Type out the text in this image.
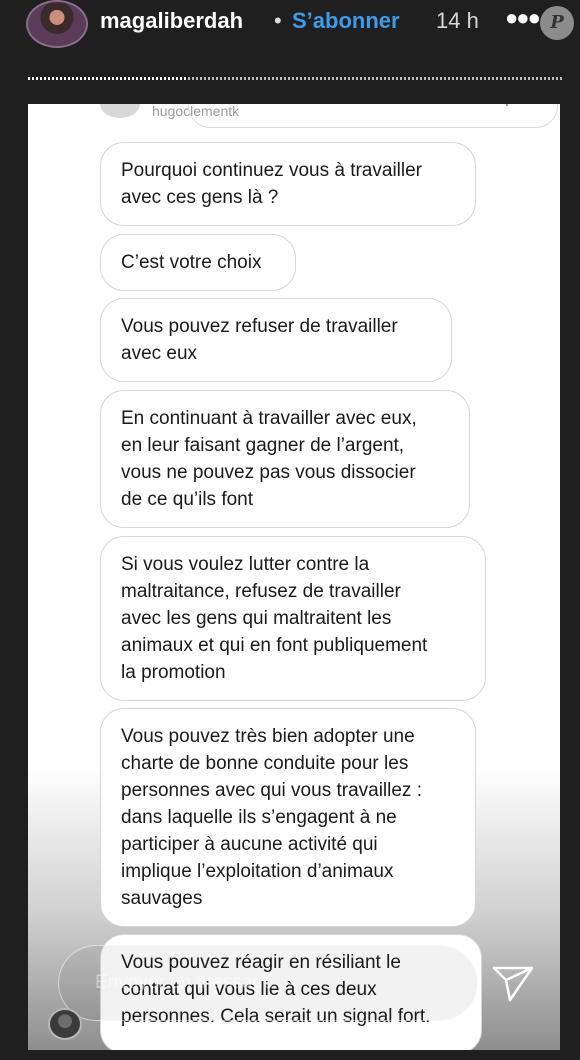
magaliberdah • S’abonner 14 h ●●● P
hugoclementk
Pourquoi continuez vous à travailler
avec ces gens là ?
C’est votre choix
Vous pouvez refuser de travailler
avec eux
En continuant à travailler avec eux,
en leur faisant gagner de l’argent,
vous ne pouvez pas vous dissocier
de ce qu’ils font
Si vous voulez lutter contre la
maltraitance, refusez de travailler
avec les gens qui maltraitent les
animaux et qui en font publiquement
la promotion
Vous pouvez très bien adopter une
charte de bonne conduite pour les
personnes avec qui vous travaillez :
dans laquelle ils s’engagent à ne
participer à aucune activité qui
implique l’exploitation d’animaux
sauvages
Vous pouvez réagir en résiliant le
contrat qui vous lie à ces deux
personnes. Cela serait un signal fort.
Envoyer un message
